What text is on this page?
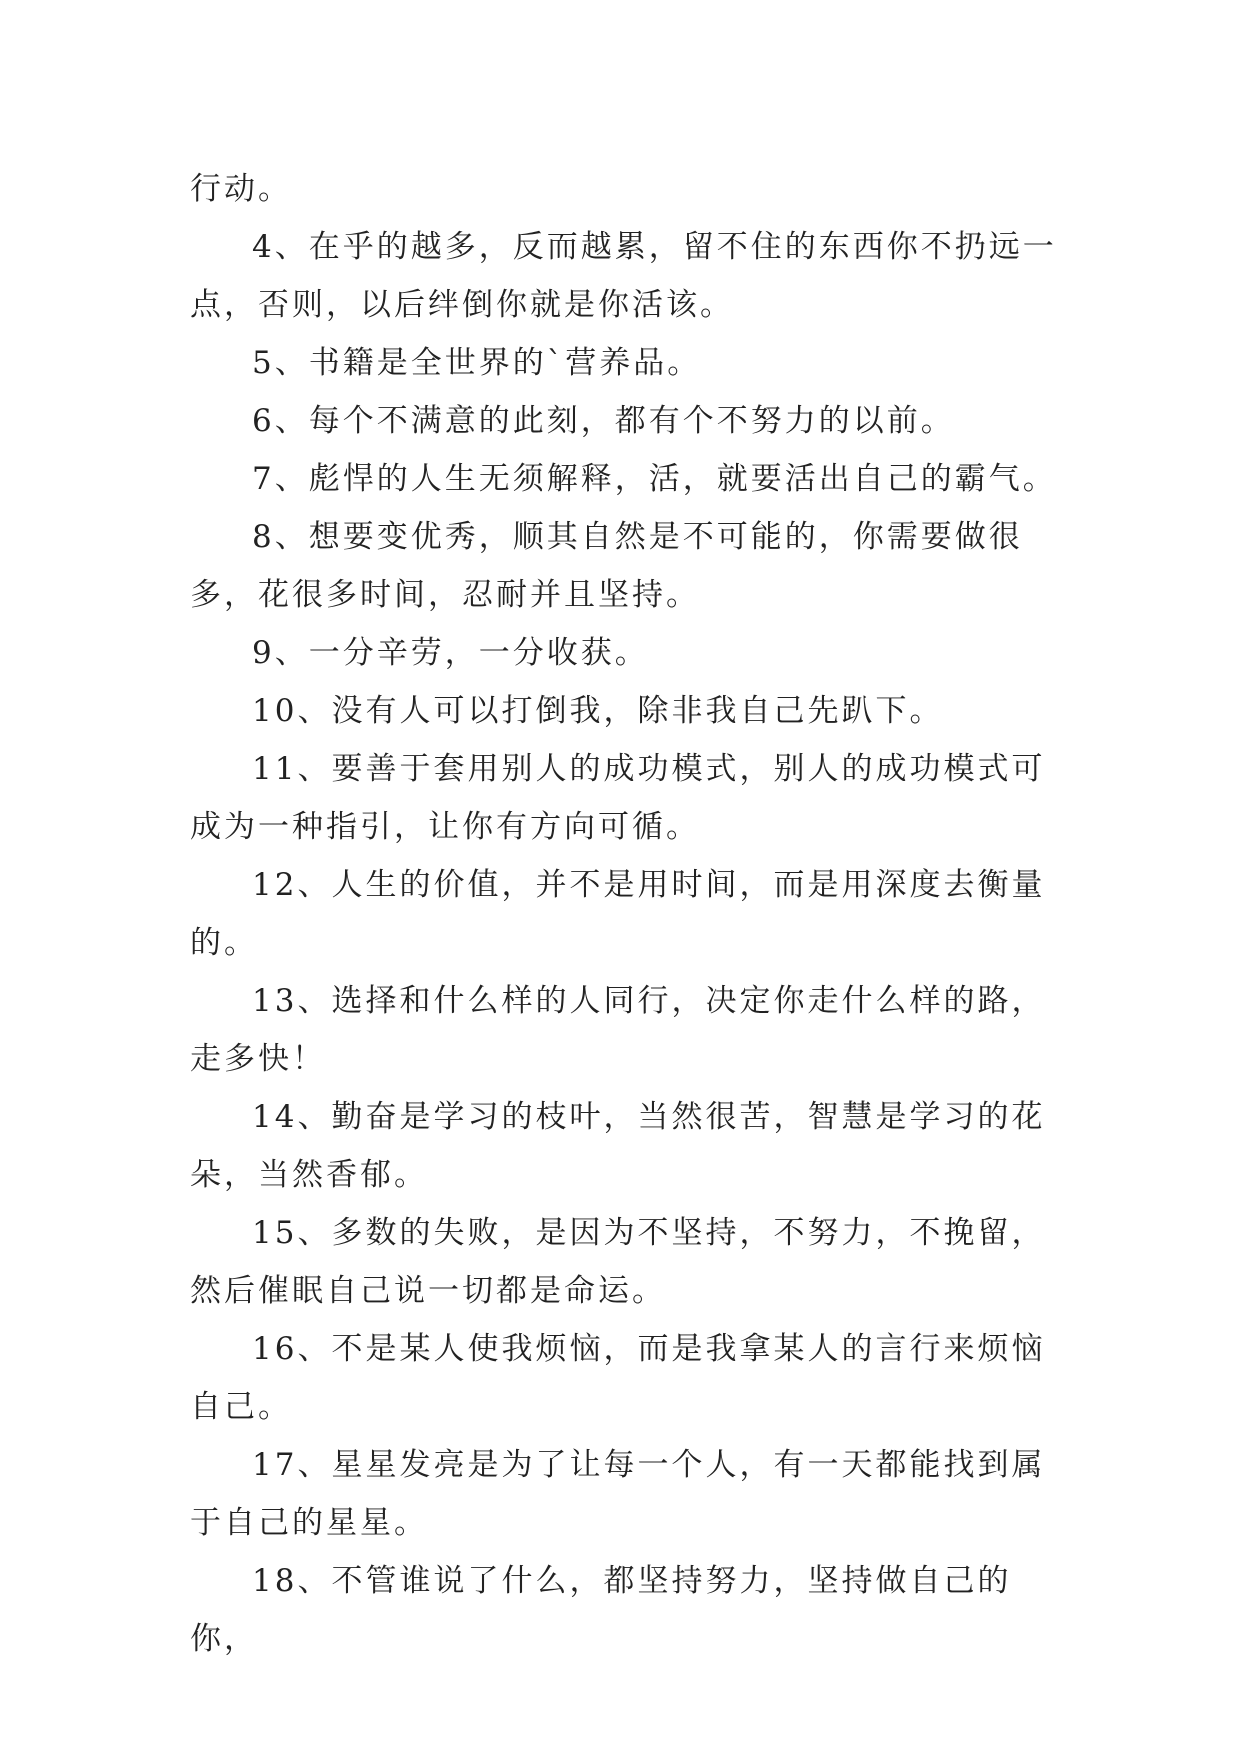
行动。

4、在乎的越多，反而越累，留不住的东西你不扔远一点，否则，以后绊倒你就是你活该。

5、书籍是全世界的`营养品。

6、每个不满意的此刻，都有个不努力的以前。

7、彪悍的人生无须解释，活，就要活出自己的霸气。

8、想要变优秀，顺其自然是不可能的，你需要做很多，花很多时间，忍耐并且坚持。

9、一分辛劳，一分收获。

10、没有人可以打倒我，除非我自己先趴下。

11、要善于套用别人的成功模式，别人的成功模式可成为一种指引，让你有方向可循。

12、人生的价值，并不是用时间，而是用深度去衡量的。

13、选择和什么样的人同行，决定你走什么样的路，走多快！

14、勤奋是学习的枝叶，当然很苦，智慧是学习的花朵，当然香郁。

15、多数的失败，是因为不坚持，不努力，不挽留，然后催眠自己说一切都是命运。

16、不是某人使我烦恼，而是我拿某人的言行来烦恼自己。

17、星星发亮是为了让每一个人，有一天都能找到属于自己的星星。

18、不管谁说了什么，都坚持努力，坚持做自己的你，
